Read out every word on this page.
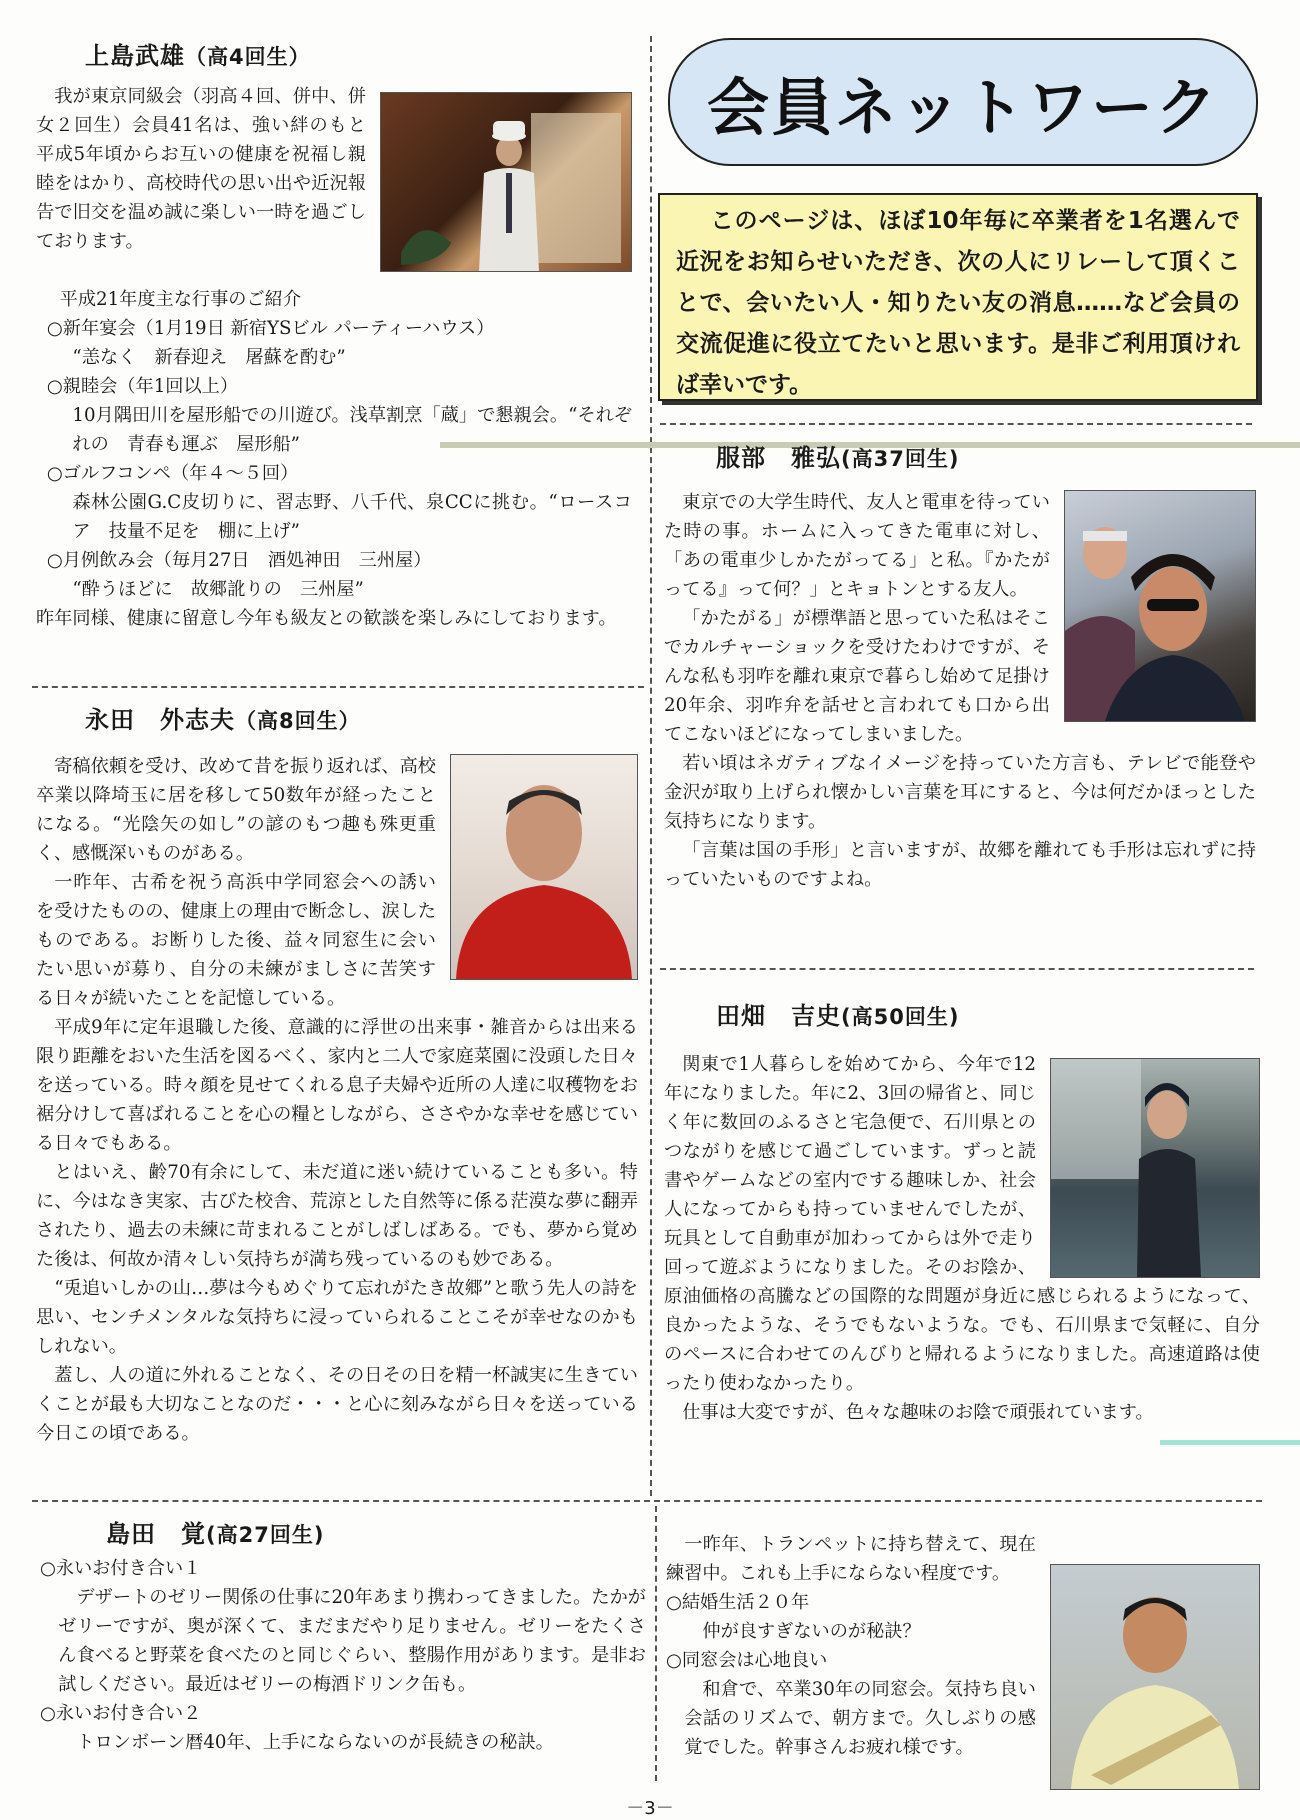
会員ネットワーク
このページは、ほぼ10年毎に卒業者を1名選んで近況をお知らせいただき、次の人にリレーして頂くことで、会いたい人・知りたい友の消息……など会員の交流促進に役立てたいと思います。是非ご利用頂ければ幸いです。
上島武雄（高4回生）

我が東京同級会（羽高４回、併中、併女２回生）会員41名は、強い絆のもと平成5年頃からお互いの健康を祝福し親睦をはかり、高校時代の思い出や近況報告で旧交を温め誠に楽しい一時を過ごしております。

平成21年度主な行事のご紹介

○新年宴会（1月19日 新宿YSビル パーティーハウス）

“恙なく　新春迎え　屠蘇を酌む”

○親睦会（年1回以上）

10月隅田川を屋形船での川遊び。浅草割烹「蔵」で懇親会。“それぞれの　青春も運ぶ　屋形船”

○ゴルフコンペ（年４～５回）

森林公園G.C皮切りに、習志野、八千代、泉CCに挑む。“ロースコア　技量不足を　棚に上げ”

○月例飲み会（毎月27日　酒処神田　三州屋）

“酔うほどに　故郷訛りの　三州屋”

昨年同様、健康に留意し今年も級友との歓談を楽しみにしております。

永田　外志夫（高8回生）

寄稿依頼を受け、改めて昔を振り返れば、高校卒業以降埼玉に居を移して50数年が経ったことになる。“光陰矢の如し”の諺のもつ趣も殊更重く、感慨深いものがある。

一昨年、古希を祝う高浜中学同窓会への誘いを受けたものの、健康上の理由で断念し、涙したものである。お断りした後、益々同窓生に会いたい思いが募り、自分の未練がましさに苦笑する日々が続いたことを記憶している。

平成9年に定年退職した後、意識的に浮世の出来事・雑音からは出来る限り距離をおいた生活を図るべく、家内と二人で家庭菜園に没頭した日々を送っている。時々顔を見せてくれる息子夫婦や近所の人達に収穫物をお裾分けして喜ばれることを心の糧としながら、ささやかな幸せを感じている日々でもある。

とはいえ、齢70有余にして、未だ道に迷い続けていることも多い。特に、今はなき実家、古びた校舎、荒涼とした自然等に係る茫漠な夢に翻弄されたり、過去の未練に苛まれることがしばしばある。でも、夢から覚めた後は、何故か清々しい気持ちが満ち残っているのも妙である。

“兎追いしかの山…夢は今もめぐりて忘れがたき故郷”と歌う先人の詩を思い、センチメンタルな気持ちに浸っていられることこそが幸せなのかもしれない。

蓋し、人の道に外れることなく、その日その日を精一杯誠実に生きていくことが最も大切なことなのだ・・・と心に刻みながら日々を送っている今日この頃である。

服部　雅弘(高37回生)

東京での大学生時代、友人と電車を待っていた時の事。ホームに入ってきた電車に対し、「あの電車少しかたがってる」と私。『かたがってる』って何？」とキョトンとする友人。

「かたがる」が標準語と思っていた私はそこでカルチャーショックを受けたわけですが、そんな私も羽咋を離れ東京で暮らし始めて足掛け20年余、羽咋弁を話せと言われても口から出てこないほどになってしまいました。

若い頃はネガティブなイメージを持っていた方言も、テレビで能登や金沢が取り上げられ懐かしい言葉を耳にすると、今は何だかほっとした気持ちになります。

「言葉は国の手形」と言いますが、故郷を離れても手形は忘れずに持っていたいものですよね。

田畑　吉史(高50回生)

関東で1人暮らしを始めてから、今年で12年になりました。年に2、3回の帰省と、同じく年に数回のふるさと宅急便で、石川県とのつながりを感じて過ごしています。ずっと読書やゲームなどの室内でする趣味しか、社会人になってからも持っていませんでしたが、玩具として自動車が加わってからは外で走り回って遊ぶようになりました。そのお陰か、原油価格の高騰などの国際的な問題が身近に感じられるようになって、良かったような、そうでもないような。でも、石川県まで気軽に、自分のペースに合わせてのんびりと帰れるようになりました。高速道路は使ったり使わなかったり。

仕事は大変ですが、色々な趣味のお陰で頑張れています。

島田　覚(高27回生)

○永いお付き合い１

デザートのゼリー関係の仕事に20年あまり携わってきました。たかがゼリーですが、奥が深くて、まだまだやり足りません。ゼリーをたくさん食べると野菜を食べたのと同じぐらい、整腸作用があります。是非お試しください。最近はゼリーの梅酒ドリンク缶も。

○永いお付き合い２

トロンボーン暦40年、上手にならないのが長続きの秘訣。

一昨年、トランペットに持ち替えて、現在練習中。これも上手にならない程度です。

○結婚生活２０年

仲が良すぎないのが秘訣？

○同窓会は心地良い

和倉で、卒業30年の同窓会。気持ち良い会話のリズムで、朝方まで。久しぶりの感覚でした。幹事さんお疲れ様です。

－3－
